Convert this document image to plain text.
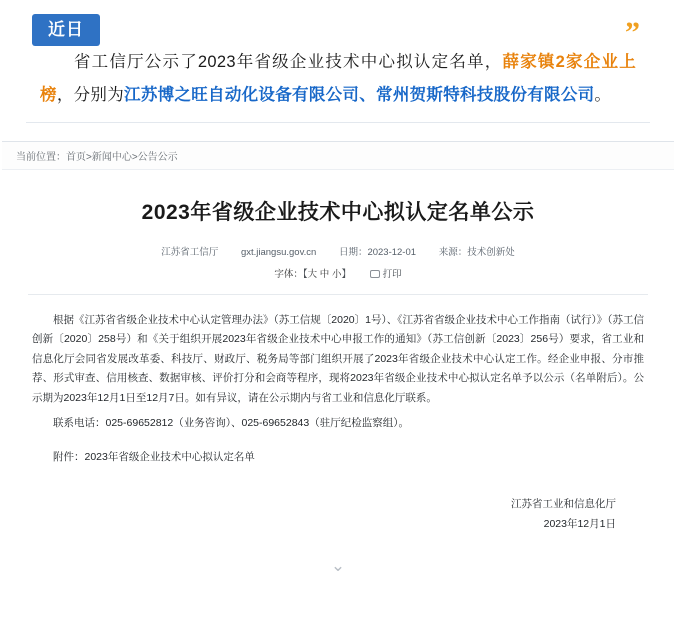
近日	”
省工信厅公示了2023年省级企业技术中心拟认定名单，薛家镇2家企业上榜，分别为江苏博之旺自动化设备有限公司、常州贺斯特科技股份有限公司。
当前位置：首页>新闻中心>公告公示
2023年省级企业技术中心拟认定名单公示
江苏省工信厅 gxt.jiangsu.gov.cn 日期：2023-12-01 来源：技术创新处
字体：【大 中 小】	打印

根据《江苏省省级企业技术中心认定管理办法》（苏工信规〔2020〕1号）、《江苏省省级企业技术中心工作指南（试行）》（苏工信创新〔2020〕258号）和《关于组织开展2023年省级企业技术中心申报工作的通知》（苏工信创新〔2023〕256号）要求，省工业和信息化厅会同省发展改革委、科技厅、财政厅、税务局等部门组织开展了2023年省级企业技术中心认定工作。经企业申报、分市推荐、形式审查、信用核查、数据审核、评价打分和会商等程序，现将2023年省级企业技术中心拟认定名单予以公示（名单附后）。公示期为2023年12月1日至12月7日。如有异议，请在公示期内与省工业和信息化厅联系。

联系电话：025-69652812（业务咨询）、025-69652843（驻厅纪检监察组）。

附件：2023年省级企业技术中心拟认定名单

江苏省工业和信息化厅
2023年12月1日
⌄
